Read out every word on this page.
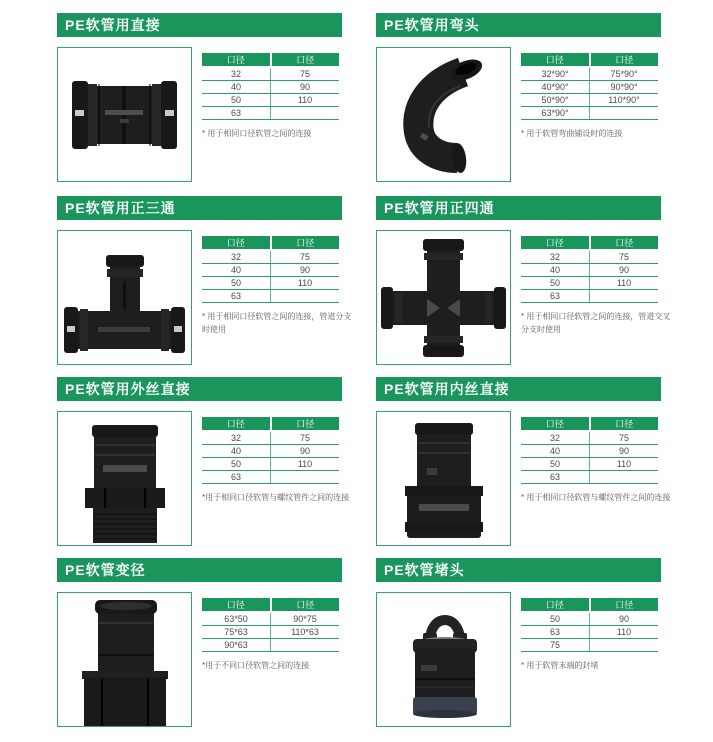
PE软管用直接
口径	口径
32	75
40	90
50	110
63	
* 用于相同口径软管之间的连接
PE软管用弯头
口径	口径
32*90°	75*90°
40*90°	90*90°
50*90°	110*90°
63*90°	
* 用于软管弯曲铺设时的连接
PE软管用正三通
口径	口径
32	75
40	90
50	110
63	
* 用于相同口径软管之间的连接，管道分支时使用
PE软管用正四通
口径	口径
32	75
40	90
50	110
63	
* 用于相同口径软管之间的连接，管道交叉分支时使用
PE软管用外丝直接
口径	口径
32	75
40	90
50	110
63	
*用于相同口径软管与螺纹管件之间的连接
PE软管用内丝直接
口径	口径
32	75
40	90
50	110
63	
* 用于相同口径软管与螺纹管件之间的连接
PE软管变径
口径	口径
63*50	90*75
75*63	110*63
90*63	
*用于不同口径软管之间的连接
PE软管堵头
口径	口径
50	90
63	110
75	
* 用于软管末端的封堵
